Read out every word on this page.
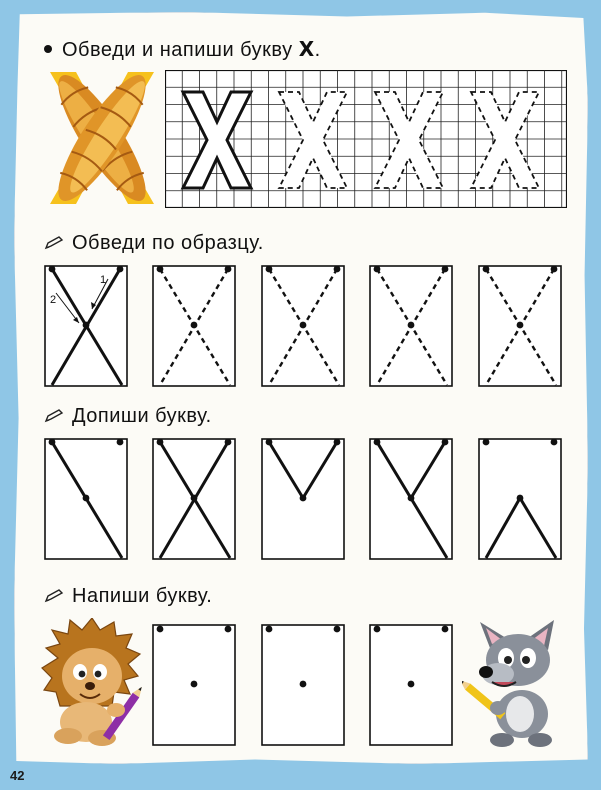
Обведи и напиши букву Х.
Обведи по образцу.
1
2
Допиши букву.
Напиши букву.
42
